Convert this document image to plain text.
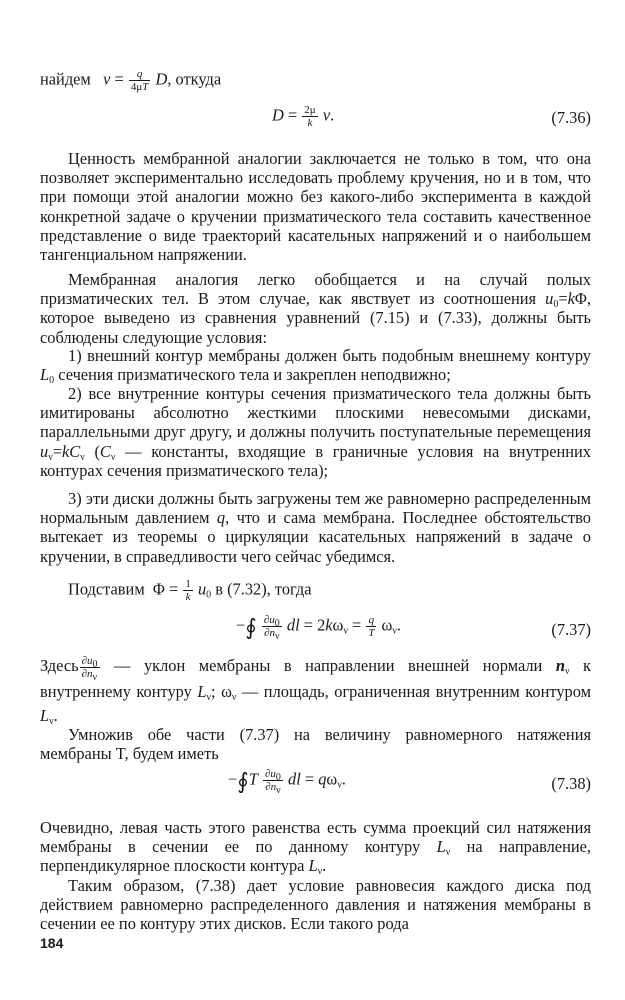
найдем $v = \frac{q}{4\mu T} D$, откуда
$D = \frac{2\mu}{k} v$.	(7.36)

Ценность мембранной аналогии заключается не только в том, что она позволяет экспериментально исследовать проблему кручения, но и в том, что при помощи этой аналогии можно без какого-либо эксперимента в каждой конкретной задаче о кручении призматического тела составить качественное представление о виде траекторий касательных напряжений и о наибольшем тангенциальном напряжении.

Мембранная аналогия легко обобщается и на случай полых призматических тел. В этом случае, как явствует из соотношения $u_0=k\Phi$, которое выведено из сравнения уравнений (7.15) и (7.33), должны быть соблюдены следующие условия:

1) внешний контур мембраны должен быть подобным внешнему контуру $L_0$ сечения призматического тела и закреплен неподвижно;

2) все внутренние контуры сечения призматического тела должны быть имитированы абсолютно жесткими плоскими невесомыми дисками, параллельными друг другу, и должны получить поступательные перемещения $u_\nu=kC_\nu$ ($C_\nu$ — константы, входящие в граничные условия на внутренних контурах сечения призматического тела);

3) эти диски должны быть загружены тем же равномерно распределенным нормальным давлением q, что и сама мембрана. Последнее обстоятельство вытекает из теоремы о циркуляции касательных напряжений в задаче о кручении, в справедливости чего сейчас убедимся.

Подставим  $\Phi = \frac{1}{k} u_0$ в (7.32), тогда
−∮ $\frac{\partial u_0}{\partial n_\nu}$ dl = $2k\omega_\nu = \frac{q}{T} \omega_\nu$.	(7.37)

Здесь $\frac{\partial u_0}{\partial n_\nu}$ — уклон мембраны в направлении внешней нормали $n_\nu$ к внутреннему контуру $L_\nu$; $\omega_\nu$ — площадь, ограниченная внутренним контуром $L_\nu$.

Умножив обе части (7.37) на величину равномерного натяжения мембраны T, будем иметь

−∮T $\frac{\partial u_0}{\partial n_\nu}$ dl = $q\omega_\nu$.	(7.38)

Очевидно, левая часть этого равенства есть сумма проекций сил натяжения мембраны в сечении ее по данному контуру $L_\nu$ на направление, перпендикулярное плоскости контура $L_\nu$.

Таким образом, (7.38) дает условие равновесия каждого диска под действием равномерно распределенного давления и натяжения мембраны в сечении ее по контуру этих дисков. Если такого рода

184
